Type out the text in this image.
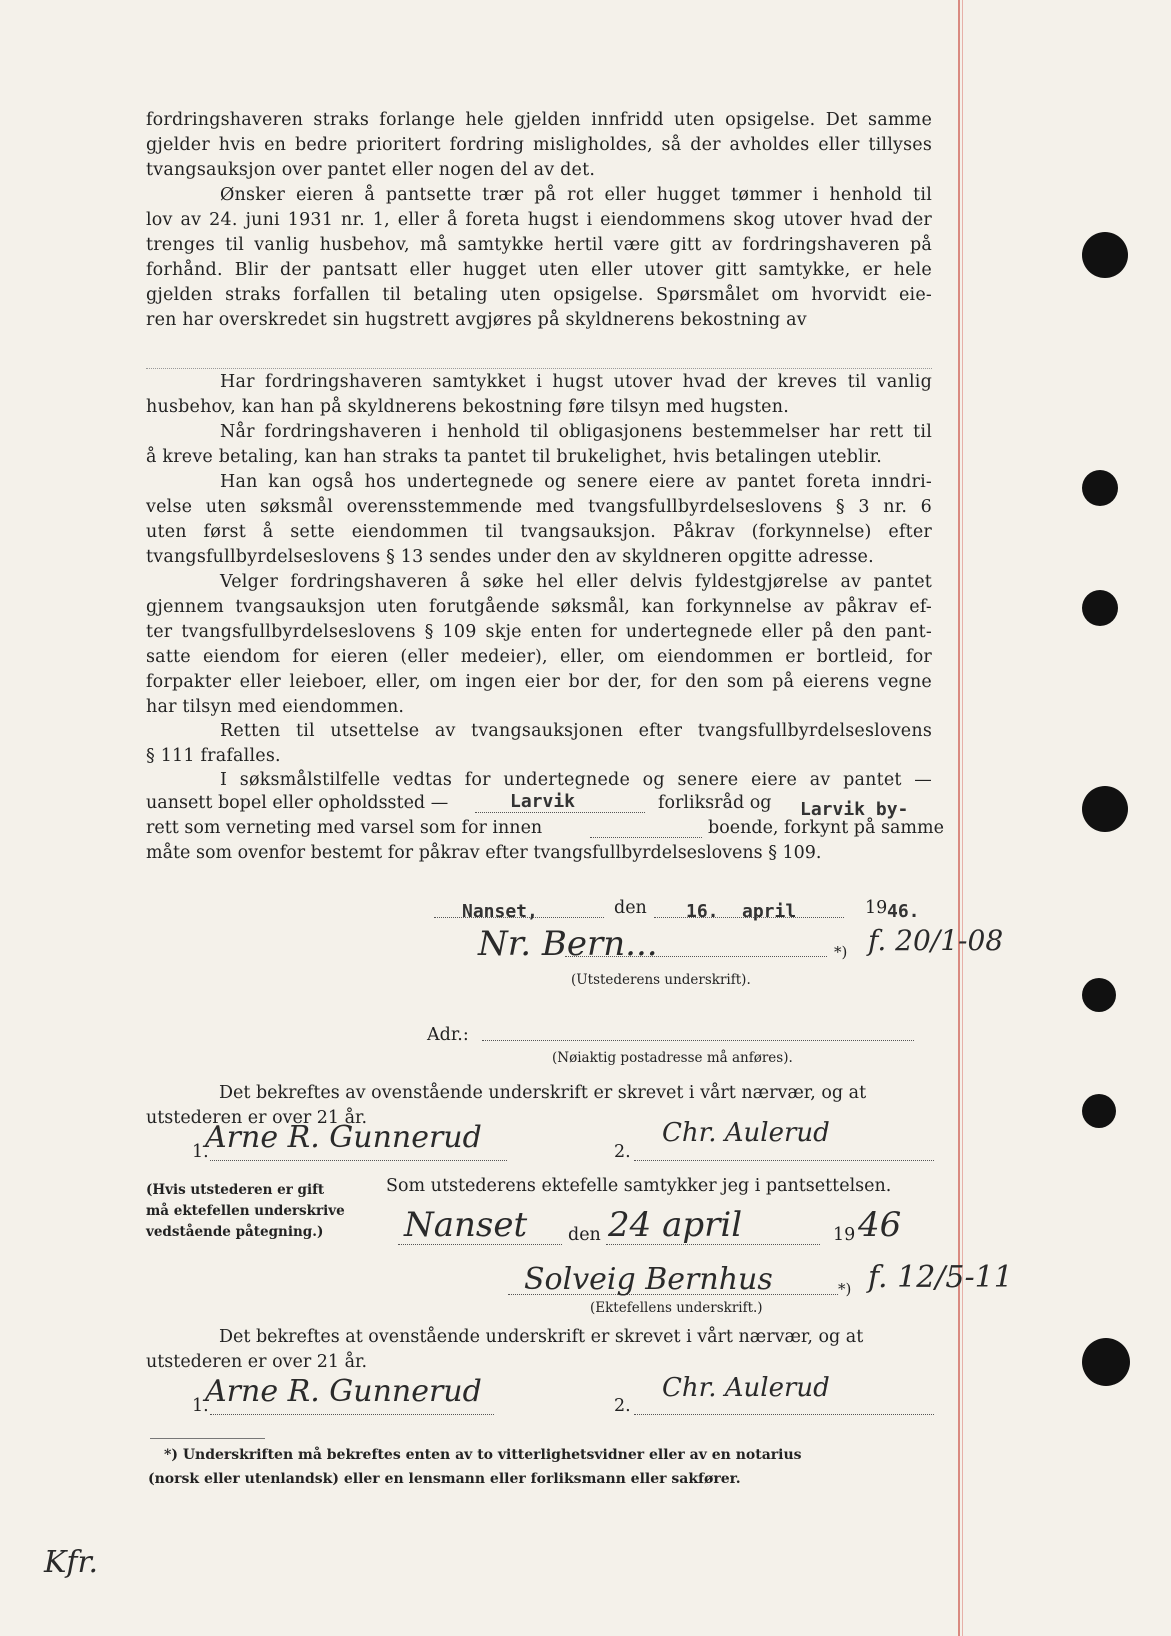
fordringshaveren straks forlange hele gjelden innfridd uten opsigelse. Det samme
gjelder hvis en bedre prioritert fordring misligholdes, så der avholdes eller tillyses
tvangsauksjon over pantet eller nogen del av det.
Ønsker eieren å pantsette trær på rot eller hugget tømmer i henhold til
lov av 24. juni 1931 nr. 1, eller å foreta hugst i eiendommens skog utover hvad der
trenges til vanlig husbehov, må samtykke hertil være gitt av fordringshaveren på
forhånd. Blir der pantsatt eller hugget uten eller utover gitt samtykke, er hele
gjelden straks forfallen til betaling uten opsigelse. Spørsmålet om hvorvidt eie-
ren har overskredet sin hugstrett avgjøres på skyldnerens bekostning av
Har fordringshaveren samtykket i hugst utover hvad der kreves til vanlig
husbehov, kan han på skyldnerens bekostning føre tilsyn med hugsten.
Når fordringshaveren i henhold til obligasjonens bestemmelser har rett til
å kreve betaling, kan han straks ta pantet til brukelighet, hvis betalingen uteblir.
Han kan også hos undertegnede og senere eiere av pantet foreta inndri-
velse uten søksmål overensstemmende med tvangsfullbyrdelseslovens § 3 nr. 6
uten først å sette eiendommen til tvangsauksjon. Påkrav (forkynnelse) efter
tvangsfullbyrdelseslovens § 13 sendes under den av skyldneren opgitte adresse.
Velger fordringshaveren å søke hel eller delvis fyldestgjørelse av pantet
gjennem tvangsauksjon uten forutgående søksmål, kan forkynnelse av påkrav ef-
ter tvangsfullbyrdelseslovens § 109 skje enten for undertegnede eller på den pant-
satte eiendom for eieren (eller medeier), eller, om eiendommen er bortleid, for
forpakter eller leieboer, eller, om ingen eier bor der, for den som på eierens vegne
har tilsyn med eiendommen.
Retten til utsettelse av tvangsauksjonen efter tvangsfullbyrdelseslovens
§ 111 frafalles.
I søksmålstilfelle vedtas for undertegnede og senere eiere av pantet —
uansett bopel eller opholdssted —	Larvik	forliksråd og Larvik by-
rett som verneting med varsel som for innen	boende, forkynt på samme
måte som ovenfor bestemt for påkrav efter tvangsfullbyrdelseslovens § 109.
Nanset,	den 16. april	19 46.
Nr. Bern...	*) f. 20/1-08
(Utstederens underskrift).
Adr.:
(Nøiaktig postadresse må anføres).
Det bekreftes av ovenstående underskrift er skrevet i vårt nærvær, og at
utstederen er over 21 år.
1.
Arne R. Gunnerud	2.
Chr. Aulerud
(Hvis utstederen er gift
må ektefellen underskrive
vedstående påtegning.)
Som utstederens ektefelle samtykker jeg i pantsettelsen.
Nanset den 24 april	19 46
Solveig Bernhus	*) f. 12/5-11
(Ektefellens underskrift.)
Det bekreftes at ovenstående underskrift er skrevet i vårt nærvær, og at
utstederen er over 21 år.
1.
Arne R. Gunnerud	2.
Chr. Aulerud
*) Underskriften må bekreftes enten av to vitterlighetsvidner eller av en notarius
(norsk eller utenlandsk) eller en lensmann eller forliksmann eller sakfører.
Kfr.
